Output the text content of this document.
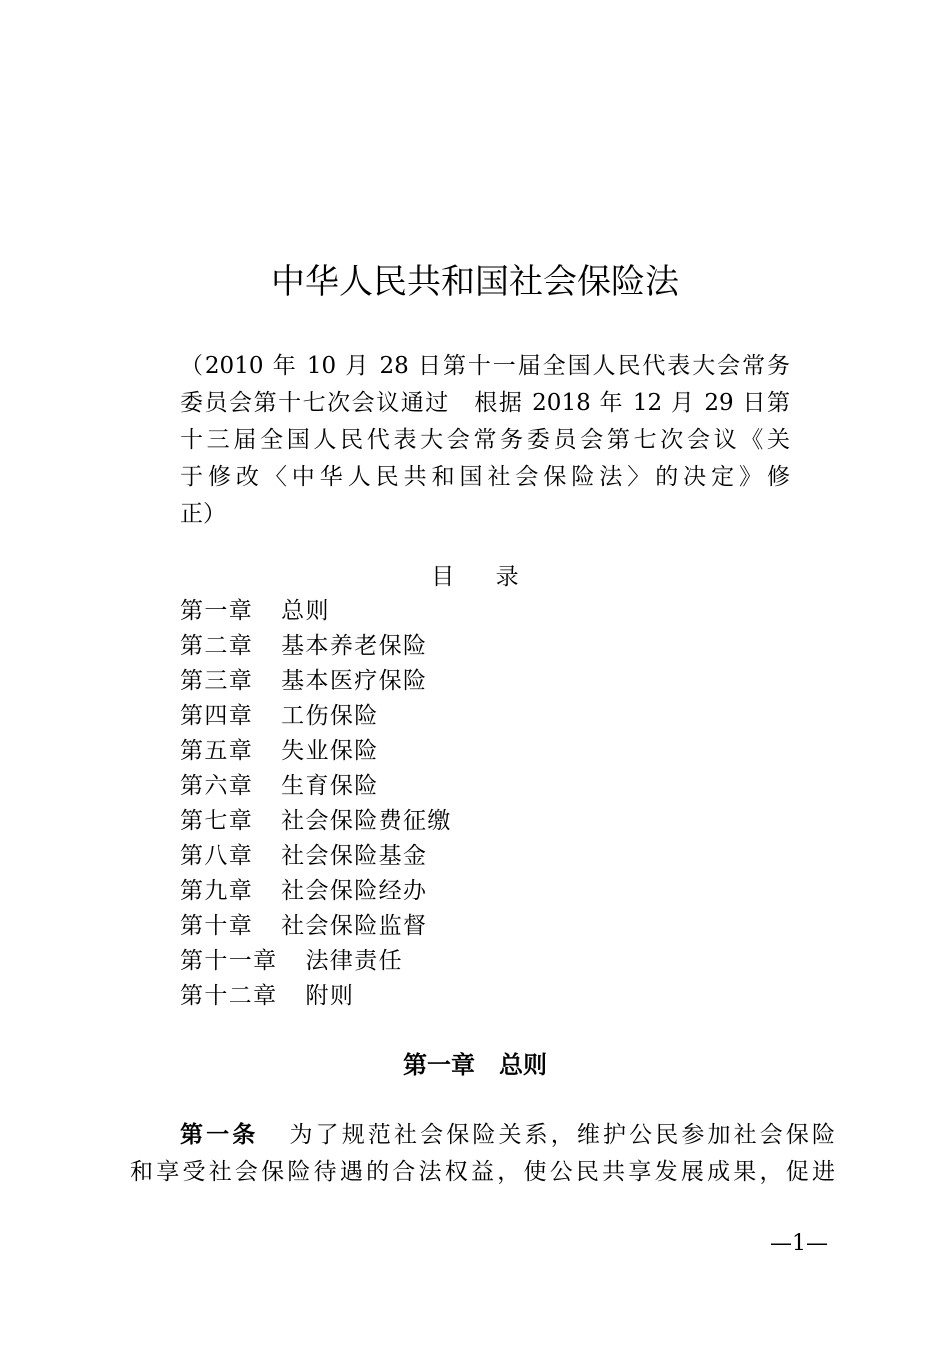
中华人民共和国社会保险法
（2010 年 10 月 28 日第十一届全国人民代表大会常务
委员会第十七次会议通过　根据 2018 年 12 月 29 日第
十三届全国人民代表大会常务委员会第七次会议《关
于修改〈中华人民共和国社会保险法〉的决定》修
正）
目录
第一章 总则
第二章 基本养老保险
第三章 基本医疗保险
第四章 工伤保险
第五章 失业保险
第六章 生育保险
第七章 社会保险费征缴
第八章 社会保险基金
第九章 社会保险经办
第十章 社会保险监督
第十一章 法律责任
第十二章 附则
第一章 总则
第一条 为了规范社会保险关系，维护公民参加社会保险
和享受社会保险待遇的合法权益，使公民共享发展成果，促进
—1—
